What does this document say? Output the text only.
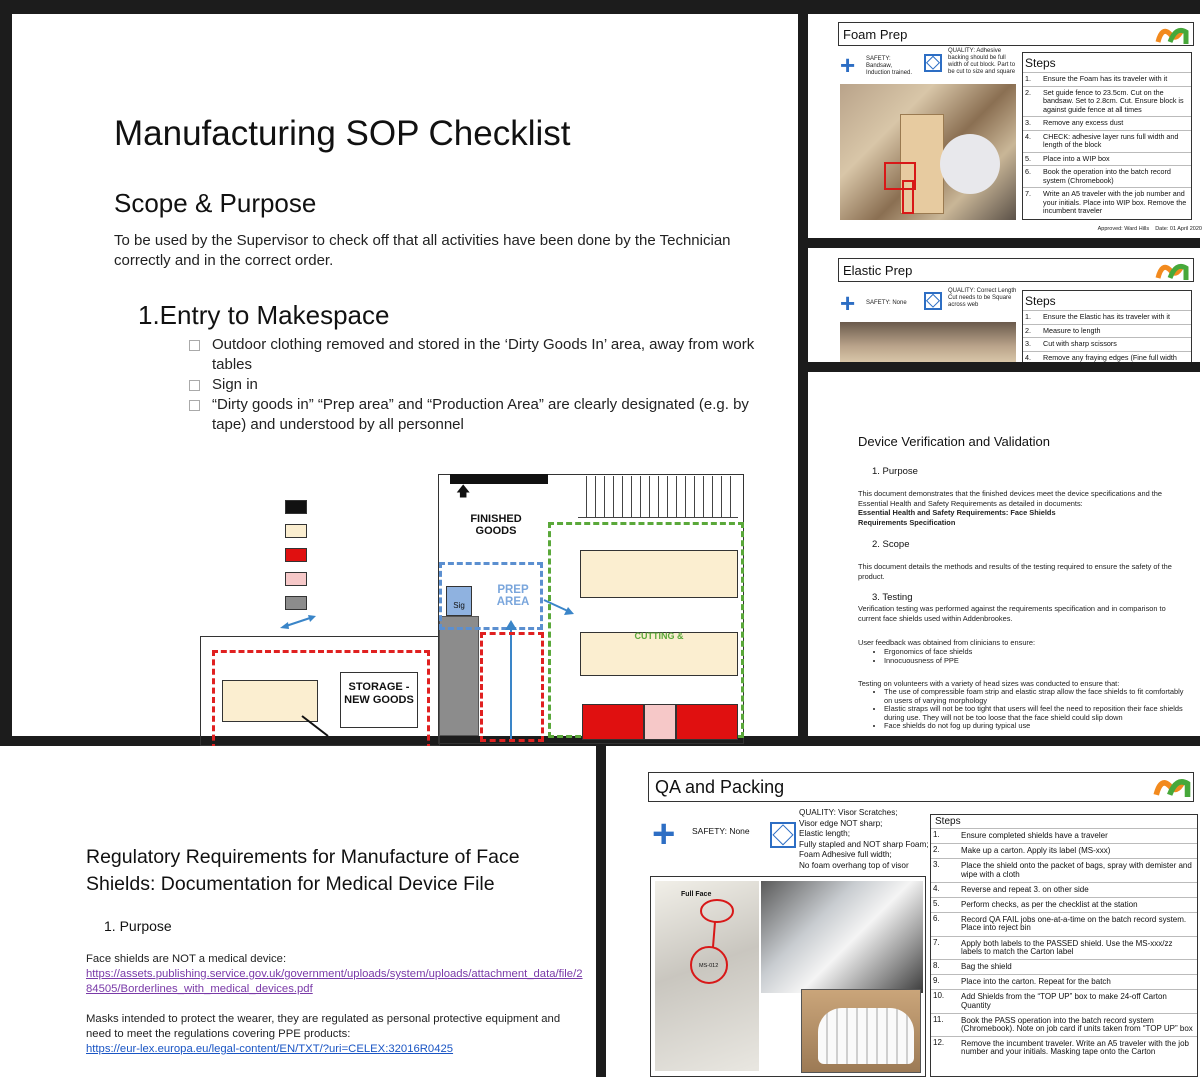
Manufacturing SOP Checklist
Scope & Purpose
To be used by the Supervisor to check off that all activities have been done by the Technician correctly and in the correct order.
1.Entry to Makespace
Outdoor clothing removed and stored in the ‘Dirty Goods In’ area, away from work tables
Sign in
“Dirty goods in” “Prep area” and “Production Area” are clearly designated (e.g. by tape) and understood by all personnel
🡅
FINISHED GOODS
Sig
PREP AREA
CUTTING &
STORAGE - NEW GOODS
Foam Prep
+ SAFETY: Bandsaw, Induction trained.
QUALITY: Adhesive backing should be full width of cut block. Part to be cut to size and square
Steps
1. Ensure the Foam has its traveler with it
2. Set guide fence to 23.5cm. Cut on the bandsaw. Set to 2.8cm. Cut. Ensure block is against guide fence at all times
3. Remove any excess dust
4. CHECK: adhesive layer runs full width and length of the block
5. Place into a WIP box
6. Book the operation into the batch record system (Chromebook)
7. Write an A5 traveler with the job number and your initials. Place into WIP box. Remove the incumbent traveler
Approved: Ward Hills    Date: 01 April 2020
Elastic Prep
+ SAFETY: None
QUALITY: Correct Length Cut needs to be Square across web	Steps
1. Ensure the Elastic has its traveler with it
2. Measure to length
3. Cut with sharp scissors
4. Remove any fraying edges (Fine full width
Device Verification and Validation
1. Purpose
This document demonstrates that the finished devices meet the device specifications and the Essential Health and Safety Requirements as detailed in documents:
Essential Health and Safety Requirements: Face Shields
Requirements Specification
2. Scope
This document details the methods and results of the testing required to ensure the safety of the product.
3. Testing
Verification testing was performed against the requirements specification and in comparison to current face shields used within Addenbrookes.
User feedback was obtained from clinicians to ensure:
• Ergonomics of face shields
• Innocuousness of PPE
Testing on volunteers with a variety of head sizes was conducted to ensure that:
• The use of compressible foam strip and elastic strap allow the face shields to fit comfortably on users of varying morphology
• Elastic straps will not be too tight that users will feel the need to reposition their face shields during use. They will not be too loose that the face shield could slip down
• Face shields do not fog up during typical use
Regulatory Requirements for Manufacture of Face Shields: Documentation for Medical Device File
1. Purpose
Face shields are NOT a medical device:
https://assets.publishing.service.gov.uk/government/uploads/system/uploads/attachment_data/file/284505/Borderlines_with_medical_devices.pdf
Masks intended to protect the wearer, they are regulated as personal protective equipment and need to meet the regulations covering PPE products:
https://eur-lex.europa.eu/legal-content/EN/TXT/?uri=CELEX:32016R0425
QA and Packing
+ SAFETY: None
QUALITY: Visor Scratches;
Visor edge NOT sharp;
Elastic length;
Fully stapled and NOT sharp Foam;
Foam Adhesive full width;
No foam overhang top of visor
Full Face
MS-012
Steps
1.	Ensure completed shields have a traveler
2.	Make up a carton. Apply its label (MS-xxx)
3.	Place the shield onto the packet of bags, spray with demister and wipe with a cloth
4.	Reverse and repeat 3. on other side
5.	Perform checks, as per the checklist at the station
6.	Record QA FAIL jobs one-at-a-time on the batch record system. Place into reject bin
7.	Apply both labels to the PASSED shield. Use the MS-xxx/zz labels to match the Carton label
8.	Bag the shield
9.	Place into the carton. Repeat for the batch
10. Add Shields from the “TOP UP” box to make 24-off Carton Quantity
11. Book the PASS operation into the batch record system (Chromebook). Note on job card if units taken from “TOP UP” box
12. Remove the incumbent traveler. Write an A5 traveler with the job number and your initials. Masking tape onto the Carton
